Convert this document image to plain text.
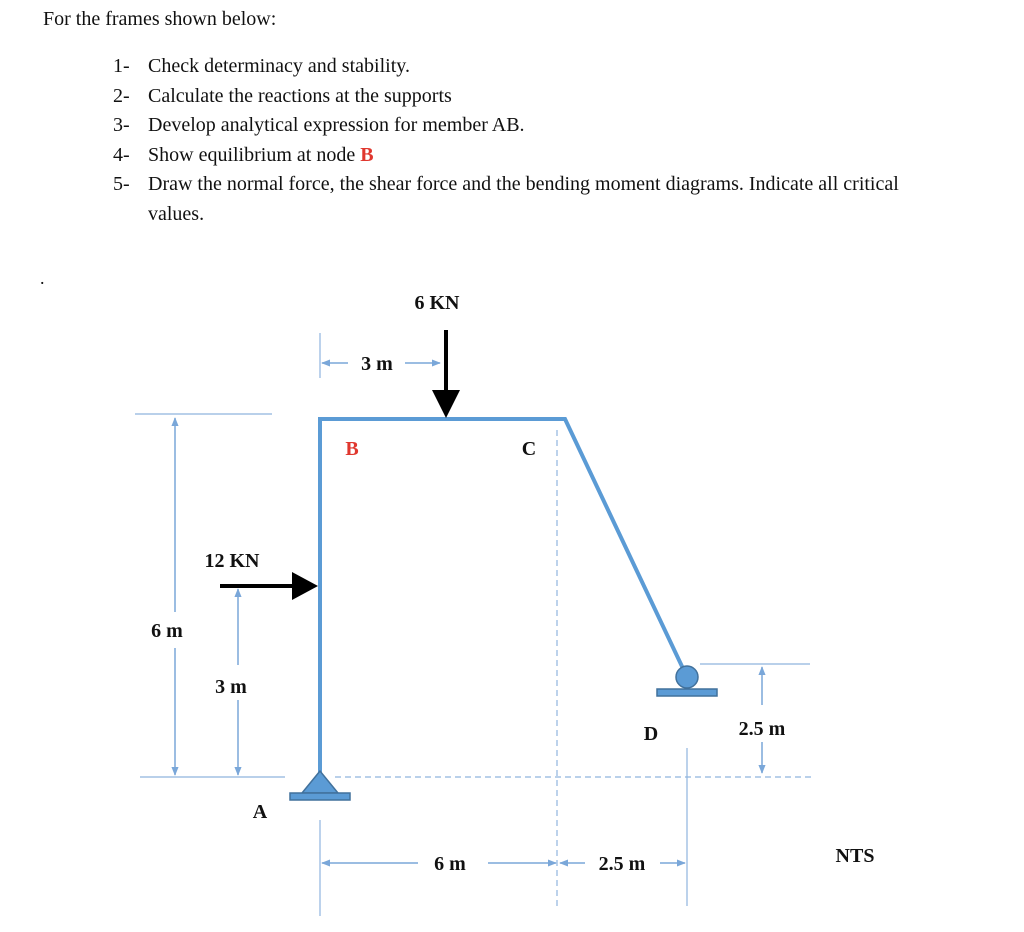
For the frames shown below:

1- Check determinacy and stability.
2- Calculate the reactions at the supports
3- Develop analytical expression for member AB.
4- Show equilibrium at node B
5- Draw the normal force, the shear force and the bending moment diagrams. Indicate all critical values.
.
6 KN
12 KN
B	C
D
A
3 m
6 m
3 m
6 m	2.5 m
2.5 m
NTS
